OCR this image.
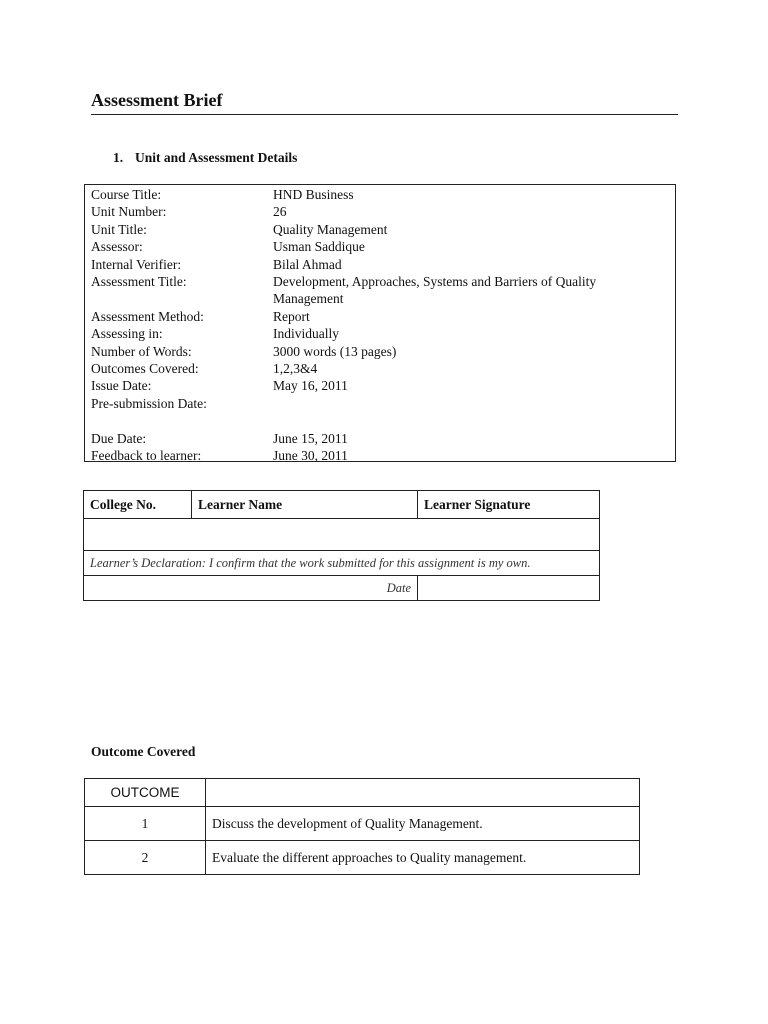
Assessment Brief
1. Unit and Assessment Details
Course Title:	HND Business
Unit Number:	26
Unit Title:	Quality Management
Assessor:	Usman Saddique
Internal Verifier:	Bilal Ahmad
Assessment Title:	Development, Approaches, Systems and Barriers of Quality Management
Assessment Method:	Report
Assessing in:	Individually
Number of Words:	3000 words (13 pages)
Outcomes Covered:	1,2,3&4
Issue Date:	May 16, 2011
Pre-submission Date:
Due Date:	June 15, 2011
Feedback to learner:	June 30, 2011
College No.	Learner Name	Learner Signature

Learner’s Declaration: I confirm that the work submitted for this assignment is my own.		
Date		
Outcome Covered
OUTCOME	
1	Discuss the development of Quality Management.
2	Evaluate the different approaches to Quality management.
